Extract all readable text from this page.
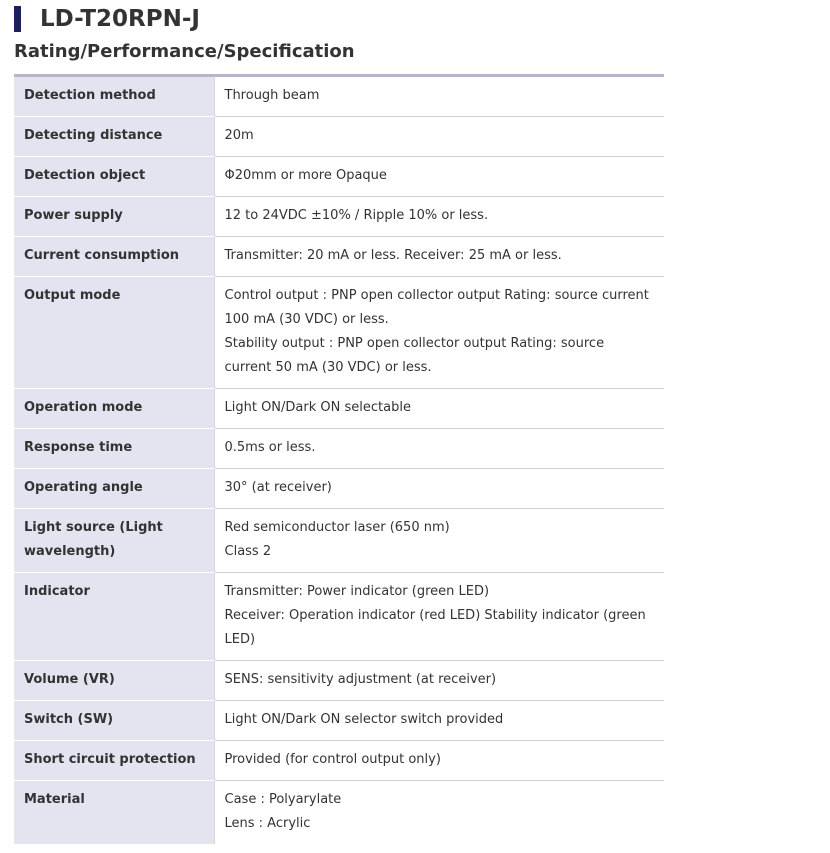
LD-T20RPN-J
Rating/Performance/Specification
Detection method	Through beam

Detecting distance	20m

Detection object	Φ20mm or more Opaque

Power supply	12 to 24VDC ±10% / Ripple 10% or less.

Current consumption	Transmitter: 20 mA or less. Receiver: 25 mA or less.

Output mode	Control output : PNP open collector output Rating: source current 100 mA (30 VDC) or less.
Stability output : PNP open collector output Rating: source current 50 mA (30 VDC) or less.

Operation mode	Light ON/Dark ON selectable

Response time	0.5ms or less.

Operating angle	30° (at receiver)

Light source (Light wavelength)	Red semiconductor laser (650 nm)
Class 2

Indicator	Transmitter: Power indicator (green LED)
Receiver: Operation indicator (red LED) Stability indicator (green LED)

Volume (VR)	SENS: sensitivity adjustment (at receiver)

Switch (SW)	Light ON/Dark ON selector switch provided

Short circuit protection	Provided (for control output only)

Material	Case : Polyarylate
Lens : Acrylic
